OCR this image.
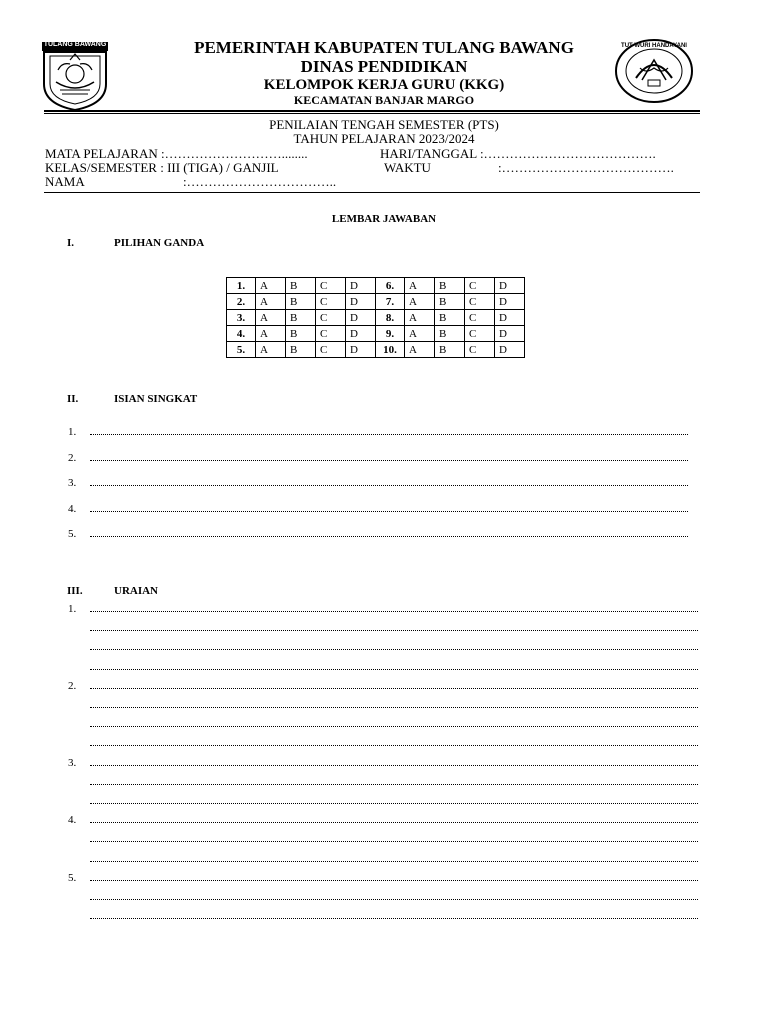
TULANG BAWANG	TUT WURI HANDAYANI
PEMERINTAH KABUPATEN TULANG BAWANG
DINAS PENDIDIKAN
KELOMPOK KERJA GURU (KKG)
KECAMATAN BANJAR MARGO
PENILAIAN TENGAH SEMESTER (PTS)
TAHUN PELAJARAN 2023/2024
MATA PELAJARAN :………………………........	HARI/TANGGAL :………………………………….
KELAS/SEMESTER : III (TIGA) / GANJIL	WAKTU	:………………………………….
NAMA	:……………………………..
LEMBAR JAWABAN
I.	PILIHAN GANDA
1.	A	B	C	D	6.	A	B	C	D
2.	A	B	C	D	7.	A	B	C	D
3.	A	B	C	D	8.	A	B	C	D
4.	A	B	C	D	9.	A	B	C	D
5.	A	B	C	D	10.	A	B	C	D
II.	ISIAN SINGKAT
1.
2.
3.
4.
5.
III.	URAIAN
1.
2.
3.
4.
5.
